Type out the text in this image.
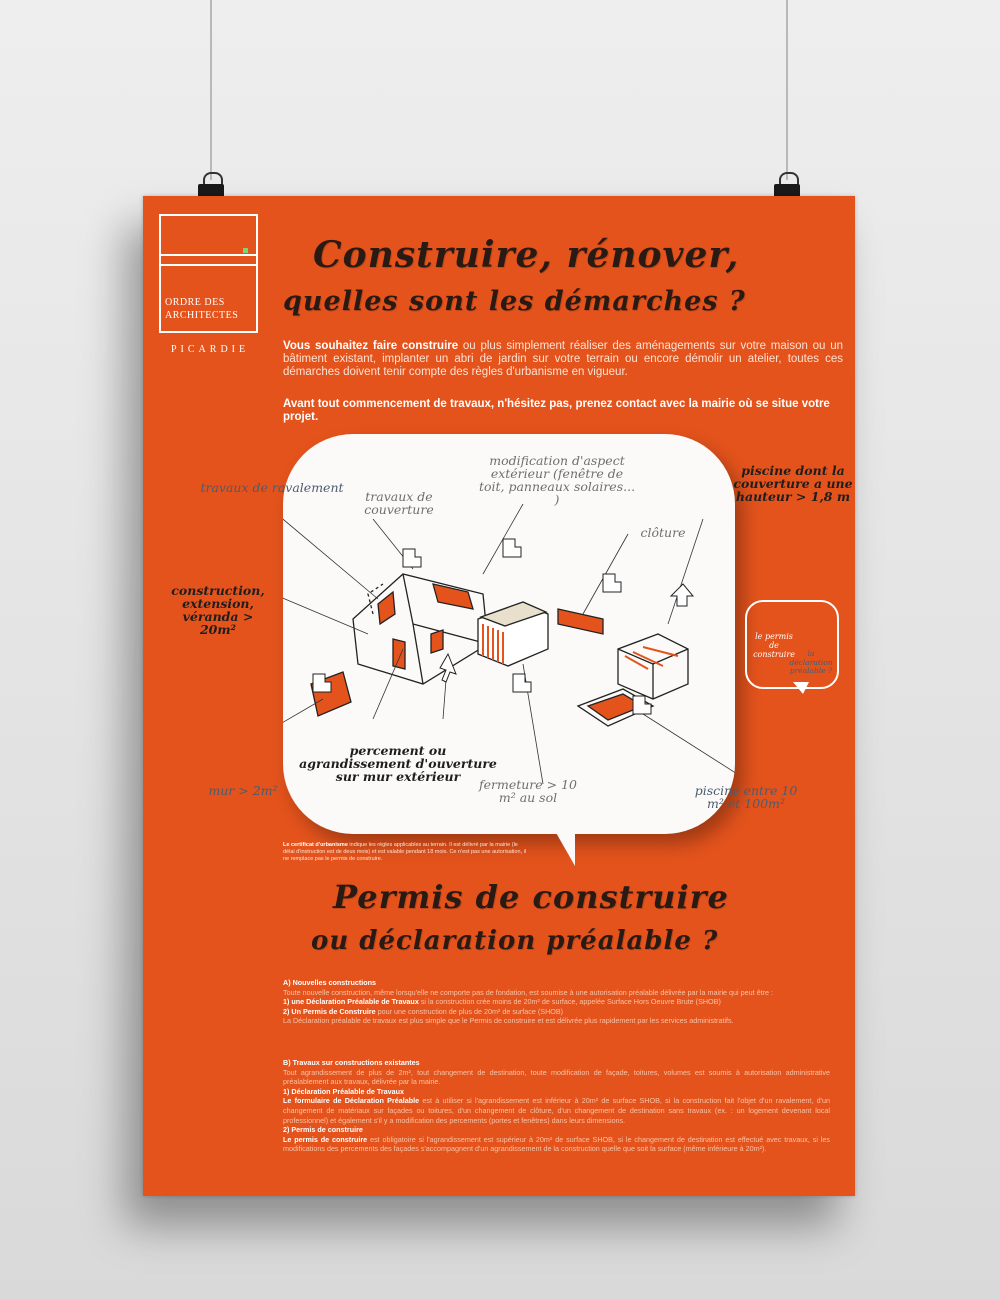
ORDRE DES
ARCHITECTES
PICARDIE
Construire, rénover,
quelles sont les démarches ?
Vous souhaitez faire construire ou plus simplement réaliser des aménagements sur votre maison ou un bâtiment existant, implanter un abri de jardin sur votre terrain ou encore démolir un atelier, toutes ces démarches doivent tenir compte des règles d'urbanisme en vigueur.
Avant tout commencement de travaux, n'hésitez pas, prenez contact avec la mairie où se situe votre projet.
travaux de ravalement
travaux de couverture
modification d'aspect extérieur (fenêtre de toit, panneaux solaires... )
piscine dont la couverture a une hauteur > 1,8 m
clôture
construction, extension, véranda > 20m²
percement ou agrandissement d'ouverture sur mur extérieur
mur > 2m²	fermeture > 10 m² au sol	piscine entre 10 m² et 100m²
le permis de construire	la déclaration préalable ?
Le certificat d'urbanisme indique les règles applicables au terrain. Il est délivré par la mairie (le délai d'instruction est de deux mois) et est valable pendant 18 mois. Ce n'est pas une autorisation, il ne remplace pas le permis de construire.
Permis de construire
ou déclaration préalable ?
A) Nouvelles constructions
Toute nouvelle construction, même lorsqu'elle ne comporte pas de fondation, est soumise à une autorisation préalable délivrée par la mairie qui peut être :
1) une Déclaration Préalable de Travaux si la construction crée moins de 20m² de surface, appelée Surface Hors Oeuvre Brute (SHOB)
2) Un Permis de Construire pour une construction de plus de 20m² de surface (SHOB)
La Déclaration préalable de travaux est plus simple que le Permis de construire et est délivrée plus rapidement par les services administratifs.
B) Travaux sur constructions existantes
Tout agrandissement de plus de 2m², tout changement de destination, toute modification de façade, toitures, volumes est soumis à autorisation administrative préalablement aux travaux, délivrée par la mairie.
1) Déclaration Préalable de Travaux
Le formulaire de Déclaration Préalable est à utiliser si l'agrandissement est inférieur à 20m² de surface SHOB, si la construction fait l'objet d'un ravalement, d'un changement de matériaux sur façades ou toitures, d'un changement de clôture, d'un changement de destination sans travaux (ex. : un logement devenant local professionnel) et également s'il y a modification des percements (portes et fenêtres) dans leurs dimensions.
2) Permis de construire
Le permis de construire est obligatoire si l'agrandissement est supérieur à 20m² de surface SHOB, si le changement de destination est effectué avec travaux, si les modifications des percements des façades s'accompagnent d'un agrandissement de la construction quelle que soit la surface (même inférieure à 20m²).
